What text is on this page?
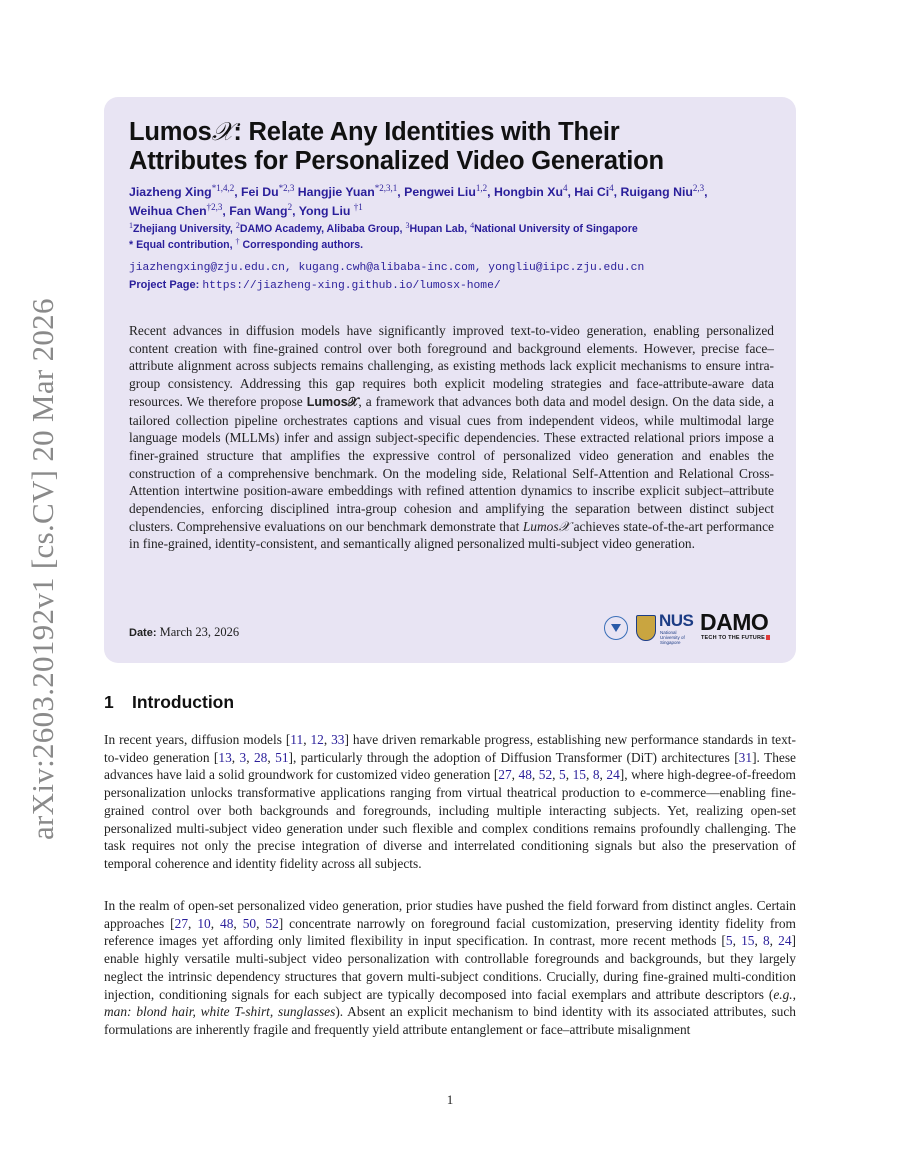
arXiv:2603.20192v1 [cs.CV] 20 Mar 2026
Lumos𝒳: Relate Any Identities with Their
Attributes for Personalized Video Generation
Jiazheng Xing$^{*1,4,2}$, Fei Du$^{*2,3}$ Hangjie Yuan$^{*2,3,1}$, Pengwei Liu$^{1,2}$, Hongbin Xu$^4$, Hai Ci$^4$, Ruigang Niu$^{2,3}$,
Weihua Chen$^{\dagger 2,3}$, Fan Wang$^2$, Yong Liu $^{\dagger 1}$
$^1$Zhejiang University, $^2$DAMO Academy, Alibaba Group, $^3$Hupan Lab, $^4$National University of Singapore
* Equal contribution, † Corresponding authors.
jiazhengxing@zju.edu.cn, kugang.cwh@alibaba-inc.com, yongliu@iipc.zju.edu.cn
Project Page: https://jiazheng-xing.github.io/lumosx-home/
Recent advances in diffusion models have significantly improved text-to-video generation, enabling personalized content creation with fine-grained control over both foreground and background elements. However, precise face–attribute alignment across subjects remains challenging, as existing methods lack explicit mechanisms to ensure intra-group consistency. Addressing this gap requires both explicit modeling strategies and face-attribute-aware data resources. We therefore propose Lumos𝒳, a framework that advances both data and model design. On the data side, a tailored collection pipeline orchestrates captions and visual cues from independent videos, while multimodal large language models (MLLMs) infer and assign subject-specific dependencies. These extracted relational priors impose a finer-grained structure that amplifies the expressive control of personalized video generation and enables the construction of a comprehensive benchmark. On the modeling side, Relational Self-Attention and Relational Cross-Attention intertwine position-aware embeddings with refined attention dynamics to inscribe explicit subject–attribute dependencies, enforcing disciplined intra-group cohesion and amplifying the separation between distinct subject clusters. Comprehensive evaluations on our benchmark demonstrate that Lumos𝒳 achieves state-of-the-art performance in fine-grained, identity-consistent, and semantically aligned personalized multi-subject video generation.
Date: March 23, 2026
NUS
National University of Singapore
DAMO
TECH TO THE FUTURE
1 Introduction
In recent years, diffusion models [11, 12, 33] have driven remarkable progress, establishing new performance standards in text-to-video generation [13, 3, 28, 51], particularly through the adoption of Diffusion Transformer (DiT) architectures [31]. These advances have laid a solid groundwork for customized video generation [27, 48, 52, 5, 15, 8, 24], where high-degree-of-freedom personalization unlocks transformative applications ranging from virtual theatrical production to e-commerce—enabling fine-grained control over both backgrounds and foregrounds, including multiple interacting subjects. Yet, realizing open-set personalized multi-subject video generation under such flexible and complex conditions remains profoundly challenging. The task requires not only the precise integration of diverse and interrelated conditioning signals but also the preservation of temporal coherence and identity fidelity across all subjects.
In the realm of open-set personalized video generation, prior studies have pushed the field forward from distinct angles. Certain approaches [27, 10, 48, 50, 52] concentrate narrowly on foreground facial customization, preserving identity fidelity from reference images yet affording only limited flexibility in input specification. In contrast, more recent methods [5, 15, 8, 24] enable highly versatile multi-subject video personalization with controllable foregrounds and backgrounds, but they largely neglect the intrinsic dependency structures that govern multi-subject conditions. Crucially, during fine-grained multi-condition injection, conditioning signals for each subject are typically decomposed into facial exemplars and attribute descriptors (e.g., man: blond hair, white T-shirt, sunglasses). Absent an explicit mechanism to bind identity with its associated attributes, such formulations are inherently fragile and frequently yield attribute entanglement or face–attribute misalignment
1
